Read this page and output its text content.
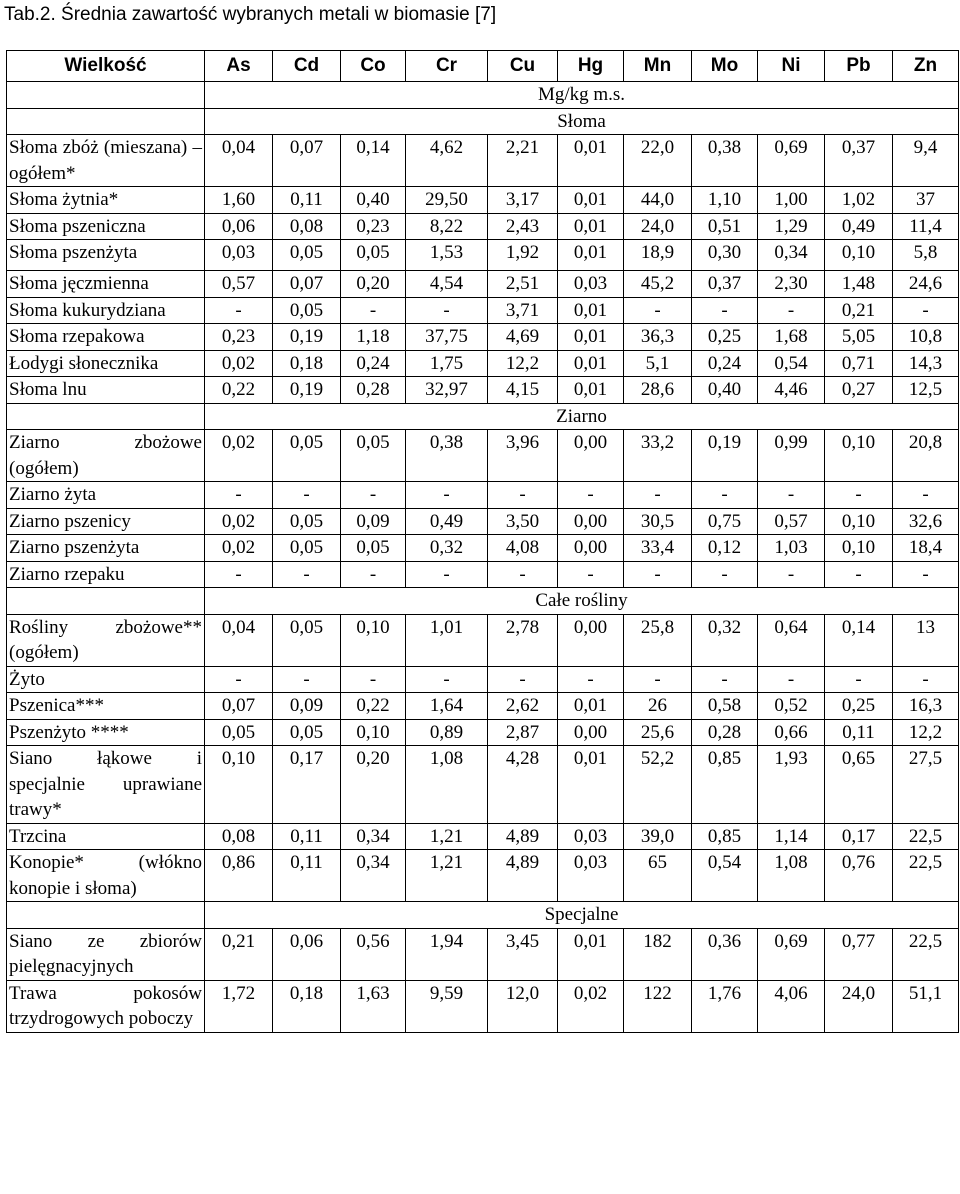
Tab.2. Średnia zawartość wybranych metali w biomasie [7]
Wielkość	As	Cd	Co	Cr	Cu	Hg	Mn	Mo	Ni	Pb	Zn
	Mg/kg m.s.										
	Słoma										
Słoma zbóż (mieszana) – ogółem*	0,04	0,07	0,14	4,62	2,21	0,01	22,0	0,38	0,69	0,37	9,4
Słoma żytnia*	1,60	0,11	0,40	29,50	3,17	0,01	44,0	1,10	1,00	1,02	37
Słoma pszeniczna	0,06	0,08	0,23	8,22	2,43	0,01	24,0	0,51	1,29	0,49	11,4
Słoma pszenżyta	0,03	0,05	0,05	1,53	1,92	0,01	18,9	0,30	0,34	0,10	5,8
Słoma jęczmienna	0,57	0,07	0,20	4,54	2,51	0,03	45,2	0,37	2,30	1,48	24,6
Słoma kukurydziana	-	0,05	-	-	3,71	0,01	-	-	-	0,21	-
Słoma rzepakowa	0,23	0,19	1,18	37,75	4,69	0,01	36,3	0,25	1,68	5,05	10,8
Łodygi słonecznika	0,02	0,18	0,24	1,75	12,2	0,01	5,1	0,24	0,54	0,71	14,3
Słoma lnu	0,22	0,19	0,28	32,97	4,15	0,01	28,6	0,40	4,46	0,27	12,5
	Ziarno										
Ziarno zbożowe (ogółem)	0,02	0,05	0,05	0,38	3,96	0,00	33,2	0,19	0,99	0,10	20,8
Ziarno żyta	-	-	-	-	-	-	-	-	-	-	-
Ziarno pszenicy	0,02	0,05	0,09	0,49	3,50	0,00	30,5	0,75	0,57	0,10	32,6
Ziarno pszenżyta	0,02	0,05	0,05	0,32	4,08	0,00	33,4	0,12	1,03	0,10	18,4
Ziarno rzepaku	-	-	-	-	-	-	-	-	-	-	-
	Całe rośliny										
Rośliny zbożowe** (ogółem)	0,04	0,05	0,10	1,01	2,78	0,00	25,8	0,32	0,64	0,14	13
Żyto	-	-	-	-	-	-	-	-	-	-	-
Pszenica***	0,07	0,09	0,22	1,64	2,62	0,01	26	0,58	0,52	0,25	16,3
Pszenżyto ****	0,05	0,05	0,10	0,89	2,87	0,00	25,6	0,28	0,66	0,11	12,2
Siano łąkowe i specjalnie uprawiane trawy*	0,10	0,17	0,20	1,08	4,28	0,01	52,2	0,85	1,93	0,65	27,5
Trzcina	0,08	0,11	0,34	1,21	4,89	0,03	39,0	0,85	1,14	0,17	22,5
Konopie* (włókno konopie i słoma)	0,86	0,11	0,34	1,21	4,89	0,03	65	0,54	1,08	0,76	22,5
	Specjalne										
Siano ze zbiorów pielęgnacyjnych	0,21	0,06	0,56	1,94	3,45	0,01	182	0,36	0,69	0,77	22,5
Trawa pokosów trzydrogowych poboczy	1,72	0,18	1,63	9,59	12,0	0,02	122	1,76	4,06	24,0	51,1
